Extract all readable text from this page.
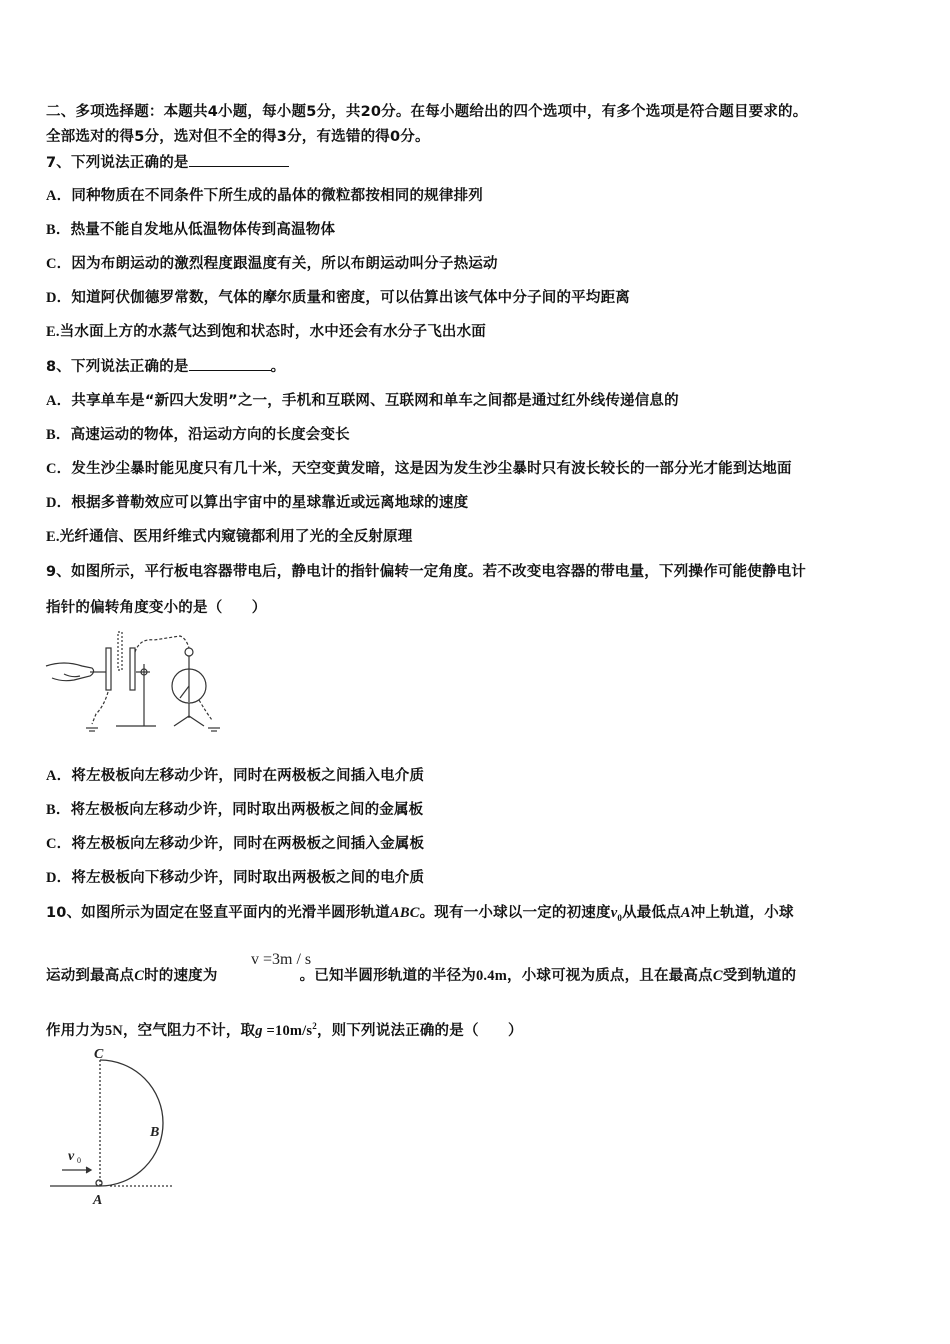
二、多项选择题：本题共4小题，每小题5分，共20分。在每小题给出的四个选项中，有多个选项是符合题目要求的。
全部选对的得5分，选对但不全的得3分，有选错的得0分。
7、下列说法正确的是
A．同种物质在不同条件下所生成的晶体的微粒都按相同的规律排列
B．热量不能自发地从低温物体传到高温物体
C．因为布朗运动的激烈程度跟温度有关，所以布朗运动叫分子热运动
D．知道阿伏伽德罗常数，气体的摩尔质量和密度，可以估算出该气体中分子间的平均距离
E.当水面上方的水蒸气达到饱和状态时，水中还会有水分子飞出水面
8、下列说法正确的是	。
A．共享单车是“新四大发明”之一，手机和互联网、互联网和单车之间都是通过红外线传递信息的
B．高速运动的物体，沿运动方向的长度会变长
C．发生沙尘暴时能见度只有几十米，天空变黄发暗，这是因为发生沙尘暴时只有波长较长的一部分光才能到达地面
D．根据多普勒效应可以算出宇宙中的星球靠近或远离地球的速度
E.光纤通信、医用纤维式内窥镜都利用了光的全反射原理
9、如图所示，平行板电容器带电后，静电计的指针偏转一定角度。若不改变电容器的带电量，下列操作可能使静电计
指针的偏转角度变小的是（　　）
A．将左极板向左移动少许，同时在两极板之间插入电介质
B．将左极板向左移动少许，同时取出两极板之间的金属板
C．将左极板向左移动少许，同时在两极板之间插入金属板
D．将左极板向下移动少许，同时取出两极板之间的电介质
10、如图所示为固定在竖直平面内的光滑半圆形轨道ABC。现有一小球以一定的初速度$v_0$从最低点A冲上轨道，小球
v =3m / s
运动到最高点C时的速度为	。已知半圆形轨道的半径为0.4m，小球可视为质点，且在最高点C受到轨道的
作用力为5N，空气阻力不计，取$g =10m/s^2$，则下列说法正确的是（　　）
C
B
A
v 0
